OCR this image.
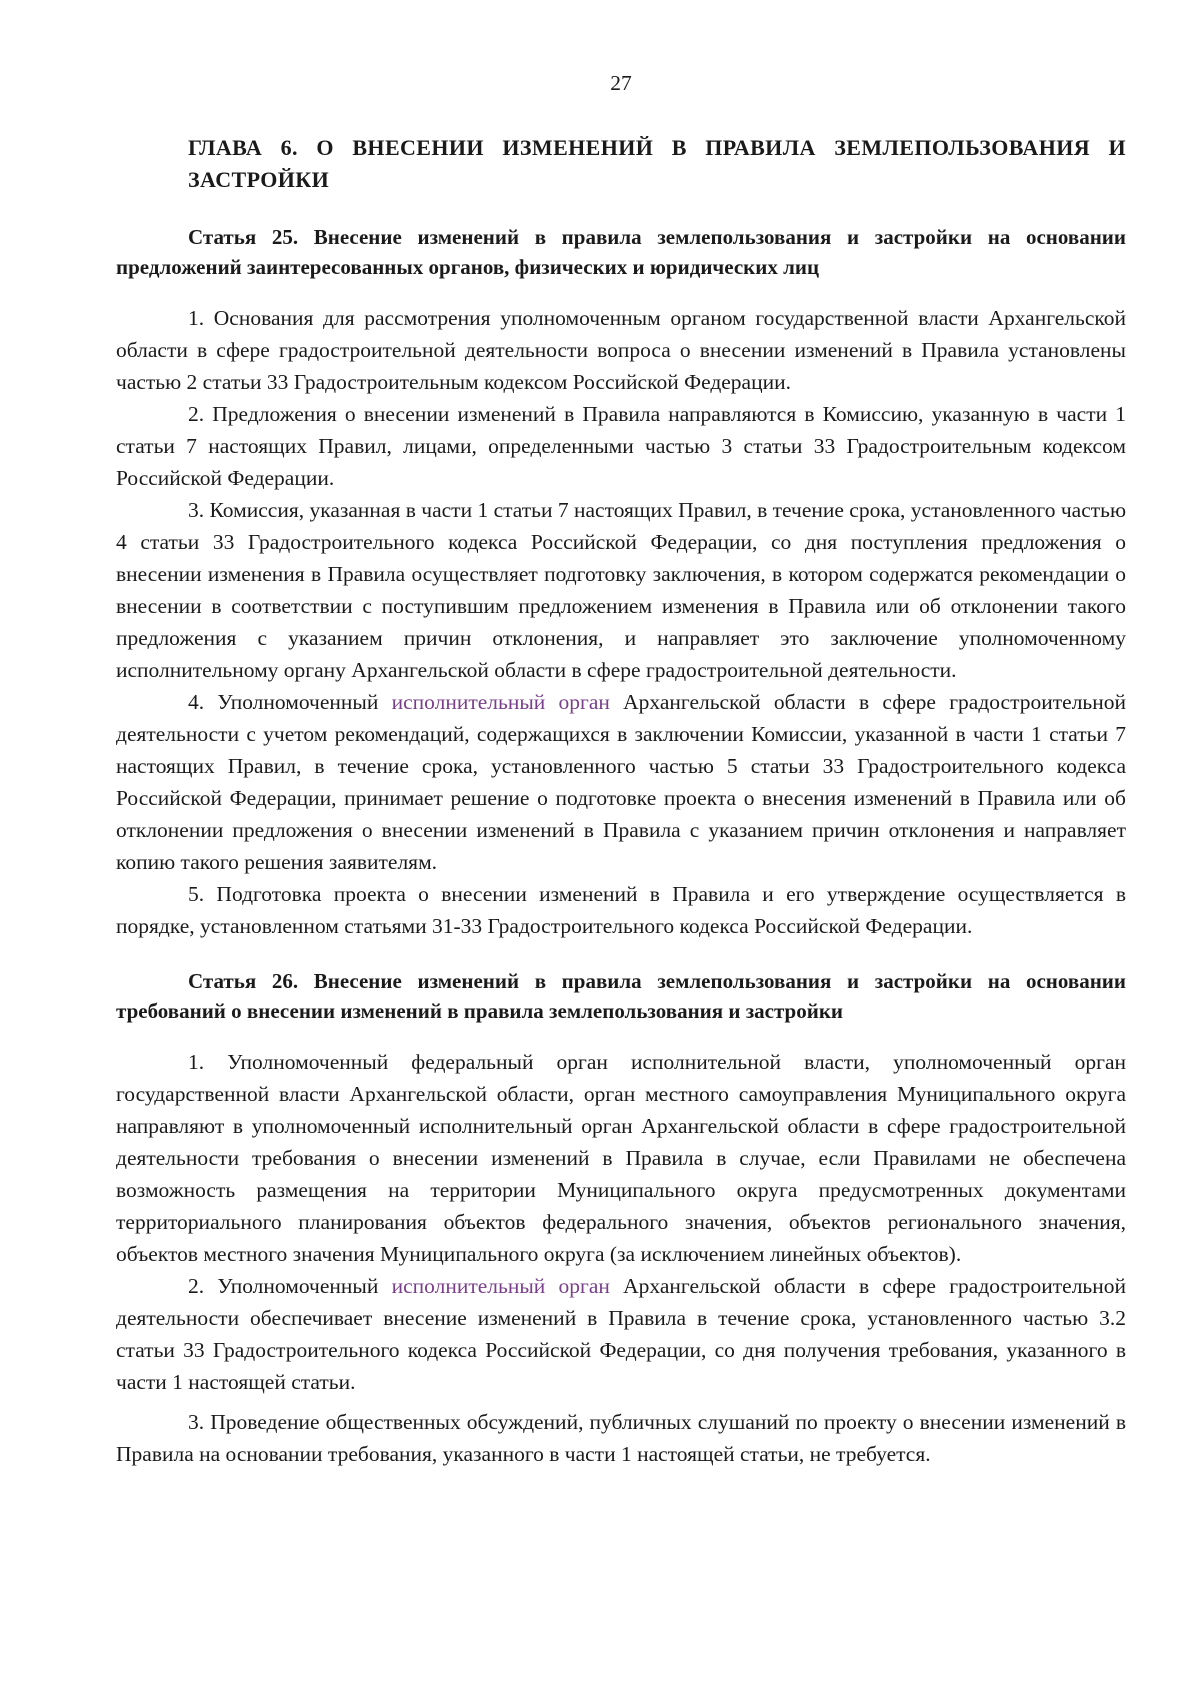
27

ГЛАВА 6. О ВНЕСЕНИИ ИЗМЕНЕНИЙ В ПРАВИЛА ЗЕМЛЕПОЛЬЗОВАНИЯ И ЗАСТРОЙКИ

Статья 25. Внесение изменений в правила землепользования и застройки на основании предложений заинтересованных органов, физических и юридических лиц

1. Основания для рассмотрения уполномоченным органом государственной власти Архангельской области в сфере градостроительной деятельности вопроса о внесении изменений в Правила установлены частью 2 статьи 33 Градостроительным кодексом Российской Федерации.

2. Предложения о внесении изменений в Правила направляются в Комиссию, указанную в части 1 статьи 7 настоящих Правил, лицами, определенными частью 3 статьи 33 Градостроительным кодексом Российской Федерации.

3. Комиссия, указанная в части 1 статьи 7 настоящих Правил, в течение срока, установленного частью 4 статьи 33 Градостроительного кодекса Российской Федерации, со дня поступления предложения о внесении изменения в Правила осуществляет подготовку заключения, в котором содержатся рекомендации о внесении в соответствии с поступившим предложением изменения в Правила или об отклонении такого предложения с указанием причин отклонения, и направляет это заключение уполномоченному исполнительному органу Архангельской области в сфере градостроительной деятельности.

4. Уполномоченный исполнительный орган Архангельской области в сфере градостроительной деятельности с учетом рекомендаций, содержащихся в заключении Комиссии, указанной в части 1 статьи 7 настоящих Правил, в течение срока, установленного частью 5 статьи 33 Градостроительного кодекса Российской Федерации, принимает решение о подготовке проекта о внесения изменений в Правила или об отклонении предложения о внесении изменений в Правила с указанием причин отклонения и направляет копию такого решения заявителям.

5. Подготовка проекта о внесении изменений в Правила и его утверждение осуществляется в порядке, установленном статьями 31-33 Градостроительного кодекса Российской Федерации.

Статья 26. Внесение изменений в правила землепользования и застройки на основании требований о внесении изменений в правила землепользования и застройки

1. Уполномоченный федеральный орган исполнительной власти, уполномоченный орган государственной власти Архангельской области, орган местного самоуправления Муниципального округа направляют в уполномоченный исполнительный орган Архангельской области в сфере градостроительной деятельности требования о внесении изменений в Правила в случае, если Правилами не обеспечена возможность размещения на территории Муниципального округа предусмотренных документами территориального планирования объектов федерального значения, объектов регионального значения, объектов местного значения Муниципального округа (за исключением линейных объектов).

2. Уполномоченный исполнительный орган Архангельской области в сфере градостроительной деятельности обеспечивает внесение изменений в Правила в течение срока, установленного частью 3.2 статьи 33 Градостроительного кодекса Российской Федерации, со дня получения требования, указанного в части 1 настоящей статьи.

3. Проведение общественных обсуждений, публичных слушаний по проекту о внесении изменений в Правила на основании требования, указанного в части 1 настоящей статьи, не требуется.
